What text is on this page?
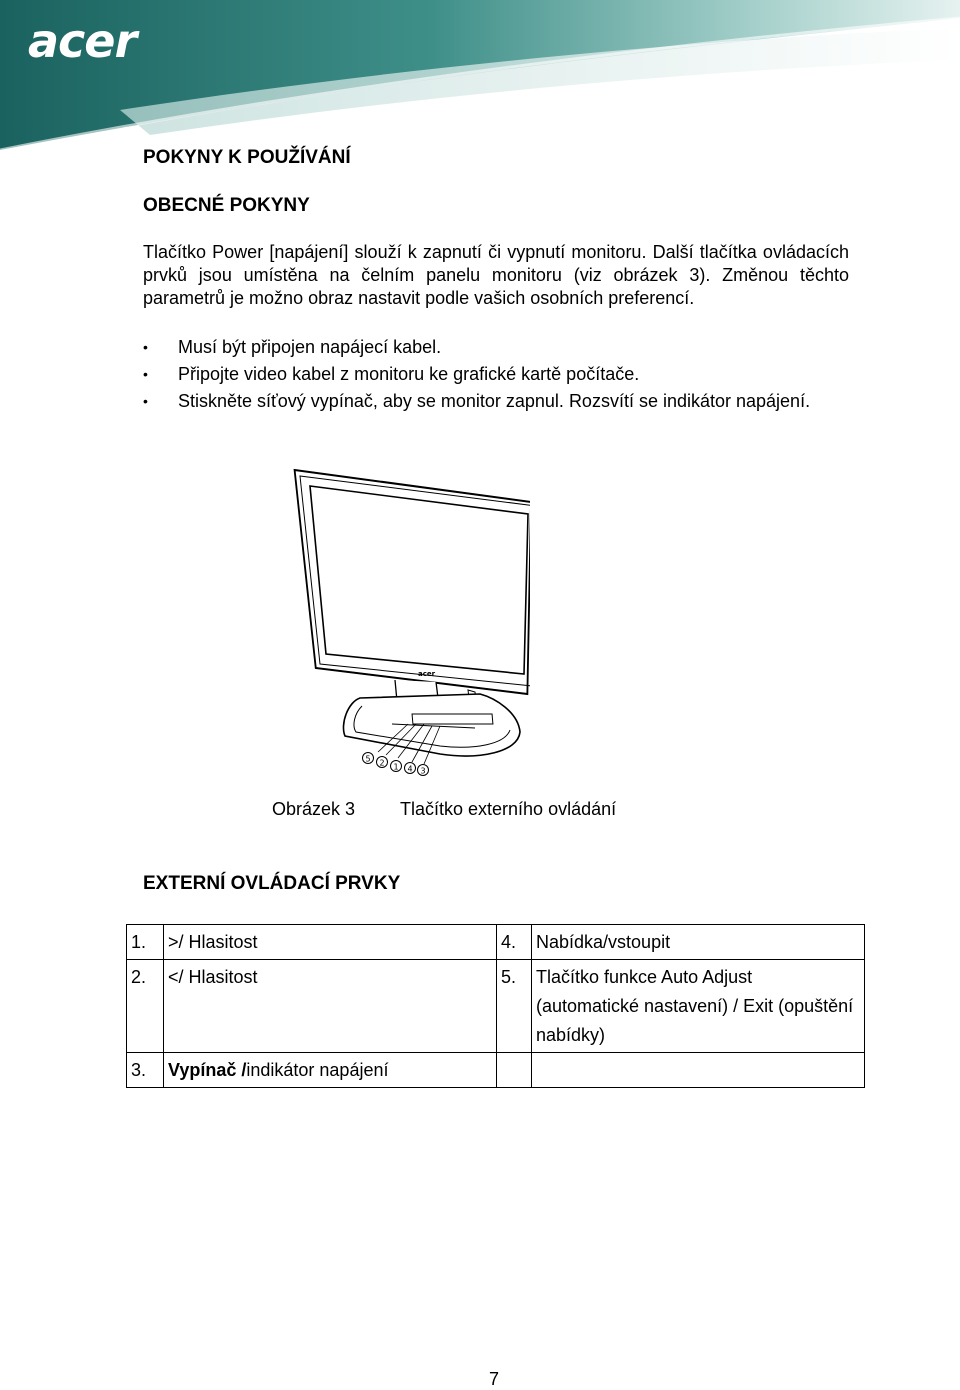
acer
POKYNY K POUŽÍVÁNÍ
OBECNÉ POKYNY
Tlačítko Power [napájení] slouží k zapnutí či vypnutí monitoru. Další tlačítka ovládacích prvků jsou umístěna na čelním panelu monitoru (viz obrázek 3). Změnou těchto parametrů je možno obraz nastavit podle vašich osobních preferencí.
• Musí být připojen napájecí kabel.
• Připojte video kabel z monitoru ke grafické kartě počítače.
• Stiskněte síťový vypínač, aby se monitor zapnul. Rozsvítí se indikátor napájení.
acer
5 2 1 4 3
Obrázek 3 Tlačítko externího ovládání
EXTERNÍ OVLÁDACÍ PRVKY
1.	>/ Hlasitost	4.	Nabídka/vstoupit
2.	</ Hlasitost	5.	Tlačítko funkce Auto Adjust (automatické nastavení) / Exit (opuštění nabídky)
3.	Vypínač /indikátor napájení		
7
